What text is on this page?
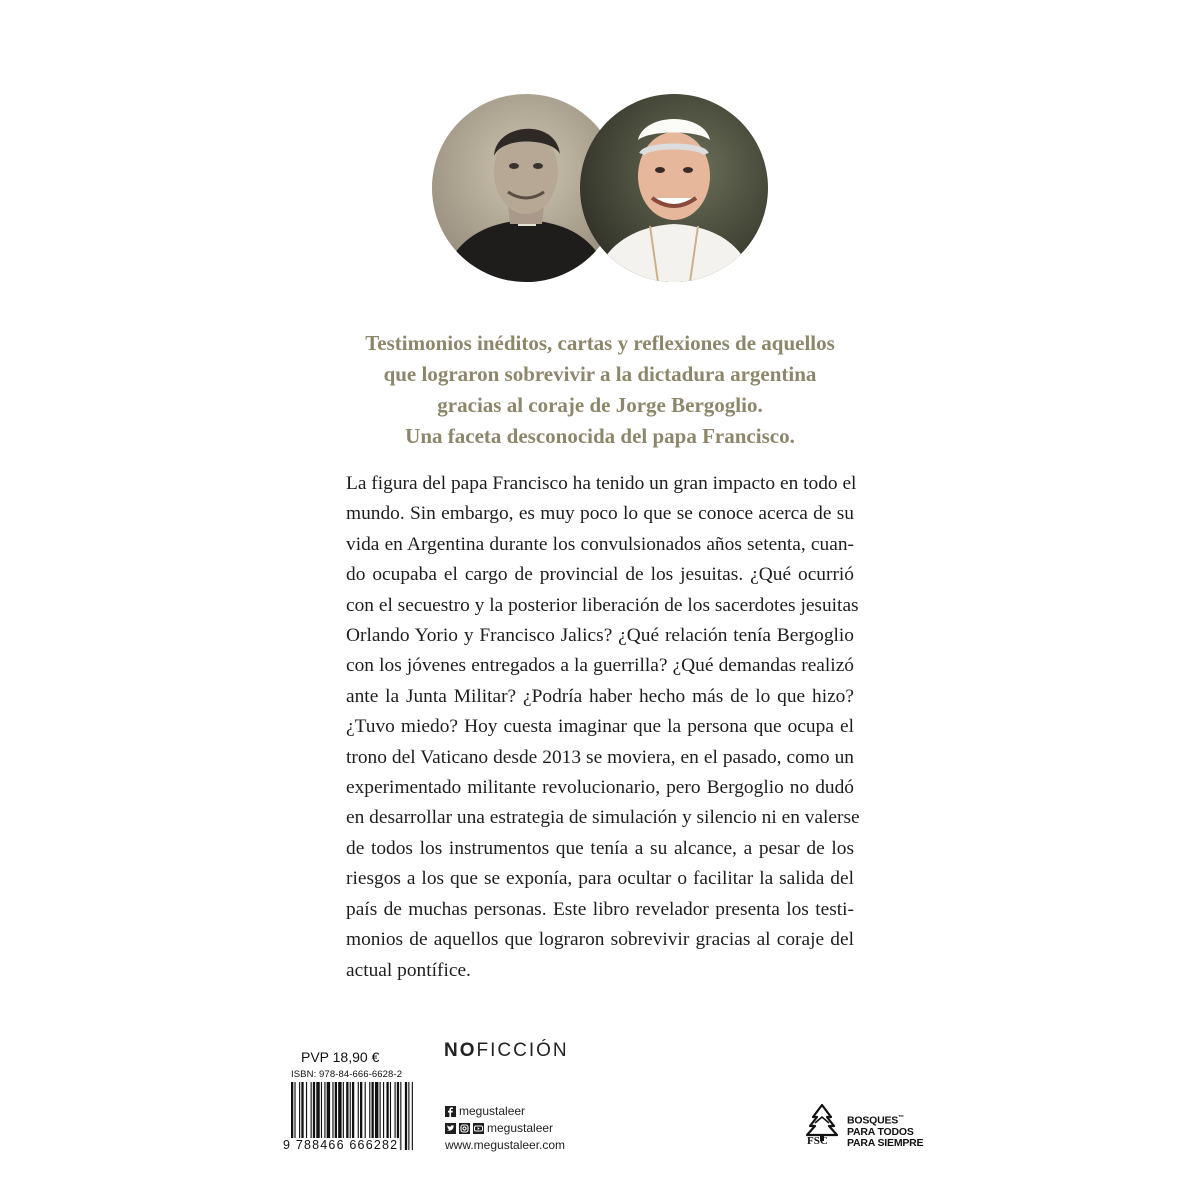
Testimonios inéditos, cartas y reflexiones de aquellos
que lograron sobrevivir a la dictadura argentina
gracias al coraje de Jorge Bergoglio.
Una faceta desconocida del papa Francisco.
La figura del papa Francisco ha tenido un gran impacto en todo el
mundo. Sin embargo, es muy poco lo que se conoce acerca de su
vida en Argentina durante los convulsionados años setenta, cuan-
do ocupaba el cargo de provincial de los jesuitas. ¿Qué ocurrió
con el secuestro y la posterior liberación de los sacerdotes jesuitas
Orlando Yorio y Francisco Jalics? ¿Qué relación tenía Bergoglio
con los jóvenes entregados a la guerrilla? ¿Qué demandas realizó
ante la Junta Militar? ¿Podría haber hecho más de lo que hizo?
¿Tuvo miedo? Hoy cuesta imaginar que la persona que ocupa el
trono del Vaticano desde 2013 se moviera, en el pasado, como un
experimentado militante revolucionario, pero Bergoglio no dudó
en desarrollar una estrategia de simulación y silencio ni en valerse
de todos los instrumentos que tenía a su alcance, a pesar de los
riesgos a los que se exponía, para ocultar o facilitar la salida del
país de muchas personas. Este libro revelador presenta los testi-
monios de aquellos que lograron sobrevivir gracias al coraje del
actual pontífice.
PVP 18,90 €
ISBN: 978-84-666-6628-2
9 788466 666282
NOFICCIÓN
megustaleer
megustaleer
www.megustaleer.com	FSC
BOSQUES™
PARA TODOS
PARA SIEMPRE
